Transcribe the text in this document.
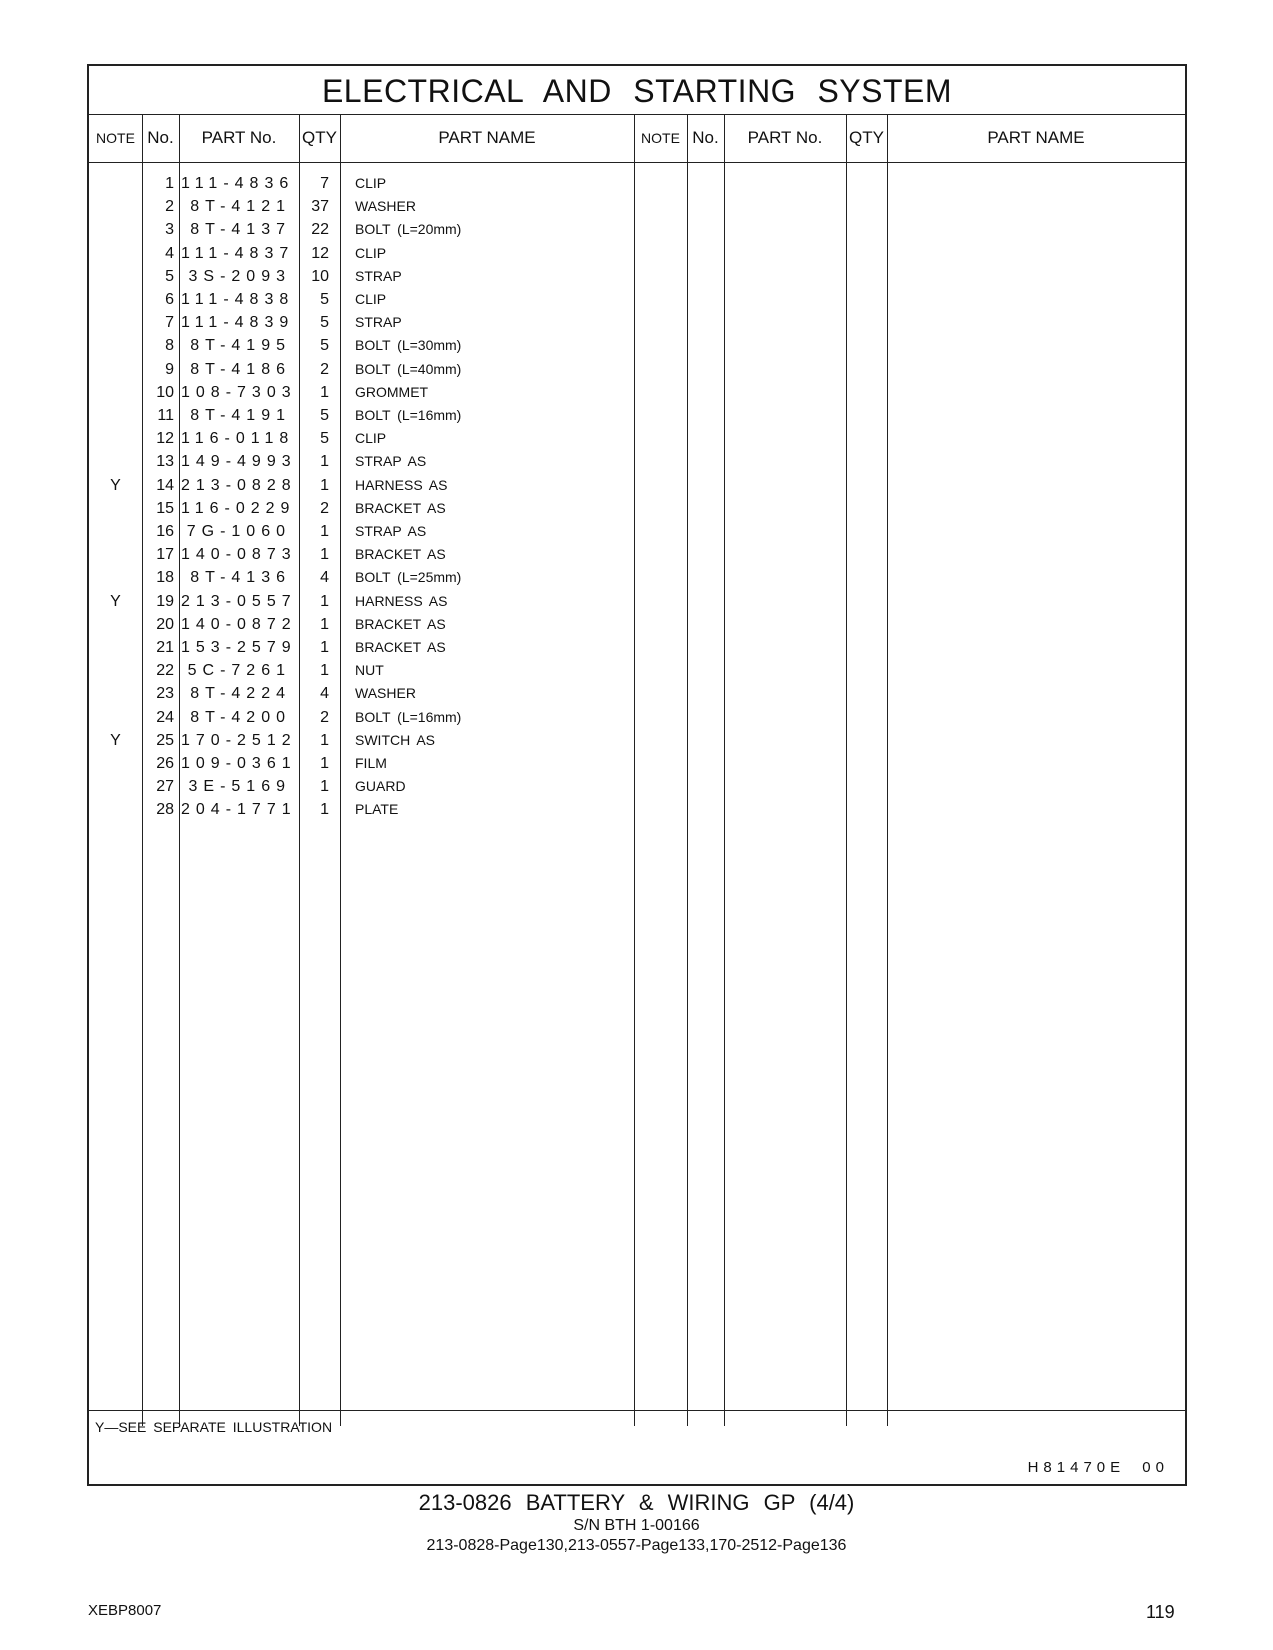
ELECTRICAL AND STARTING SYSTEM
NOTE No.	PART No.	QTY	PART NAME	NOTE No.	PART No.	QTY	PART NAME
1 111-4836	7 CLIP
2	8T-4121	37 WASHER
3	8T-4137	22 BOLT (L=20mm)
4 111-4837	12 CLIP
5 3S-2093	10 STRAP
6 111-4838	5 CLIP
7 111-4839	5 STRAP
8	8T-4195	5 BOLT (L=30mm)
9	8T-4186	2 BOLT (L=40mm)
10 108-7303	1 GROMMET
11	8T-4191	5 BOLT (L=16mm)
12 116-0118	5 CLIP
13 149-4993	1 STRAP AS
Y	14 213-0828	1 HARNESS AS
15 116-0229	2 BRACKET AS
16 7G-1060	1 STRAP AS
17 140-0873	1 BRACKET AS
18	8T-4136	4 BOLT (L=25mm)
Y	19 213-0557	1 HARNESS AS
20 140-0872	1 BRACKET AS
21 153-2579	1 BRACKET AS
22 5C-7261	1 NUT
23	8T-4224	4 WASHER
24	8T-4200	2 BOLT (L=16mm)
Y	25 170-2512	1 SWITCH AS
26 109-0361	1 FILM
27 3E-5169	1 GUARD
28 204-1771	1 PLATE
Y―SEE SEPARATE ILLUSTRATION
H81470E 00
213‑0826 BATTERY & WIRING GP (4/4)
S/N BTH 1‑00166
213‑0828‑Page130,213‑0557‑Page133,170‑2512‑Page136
XEBP8007	119
